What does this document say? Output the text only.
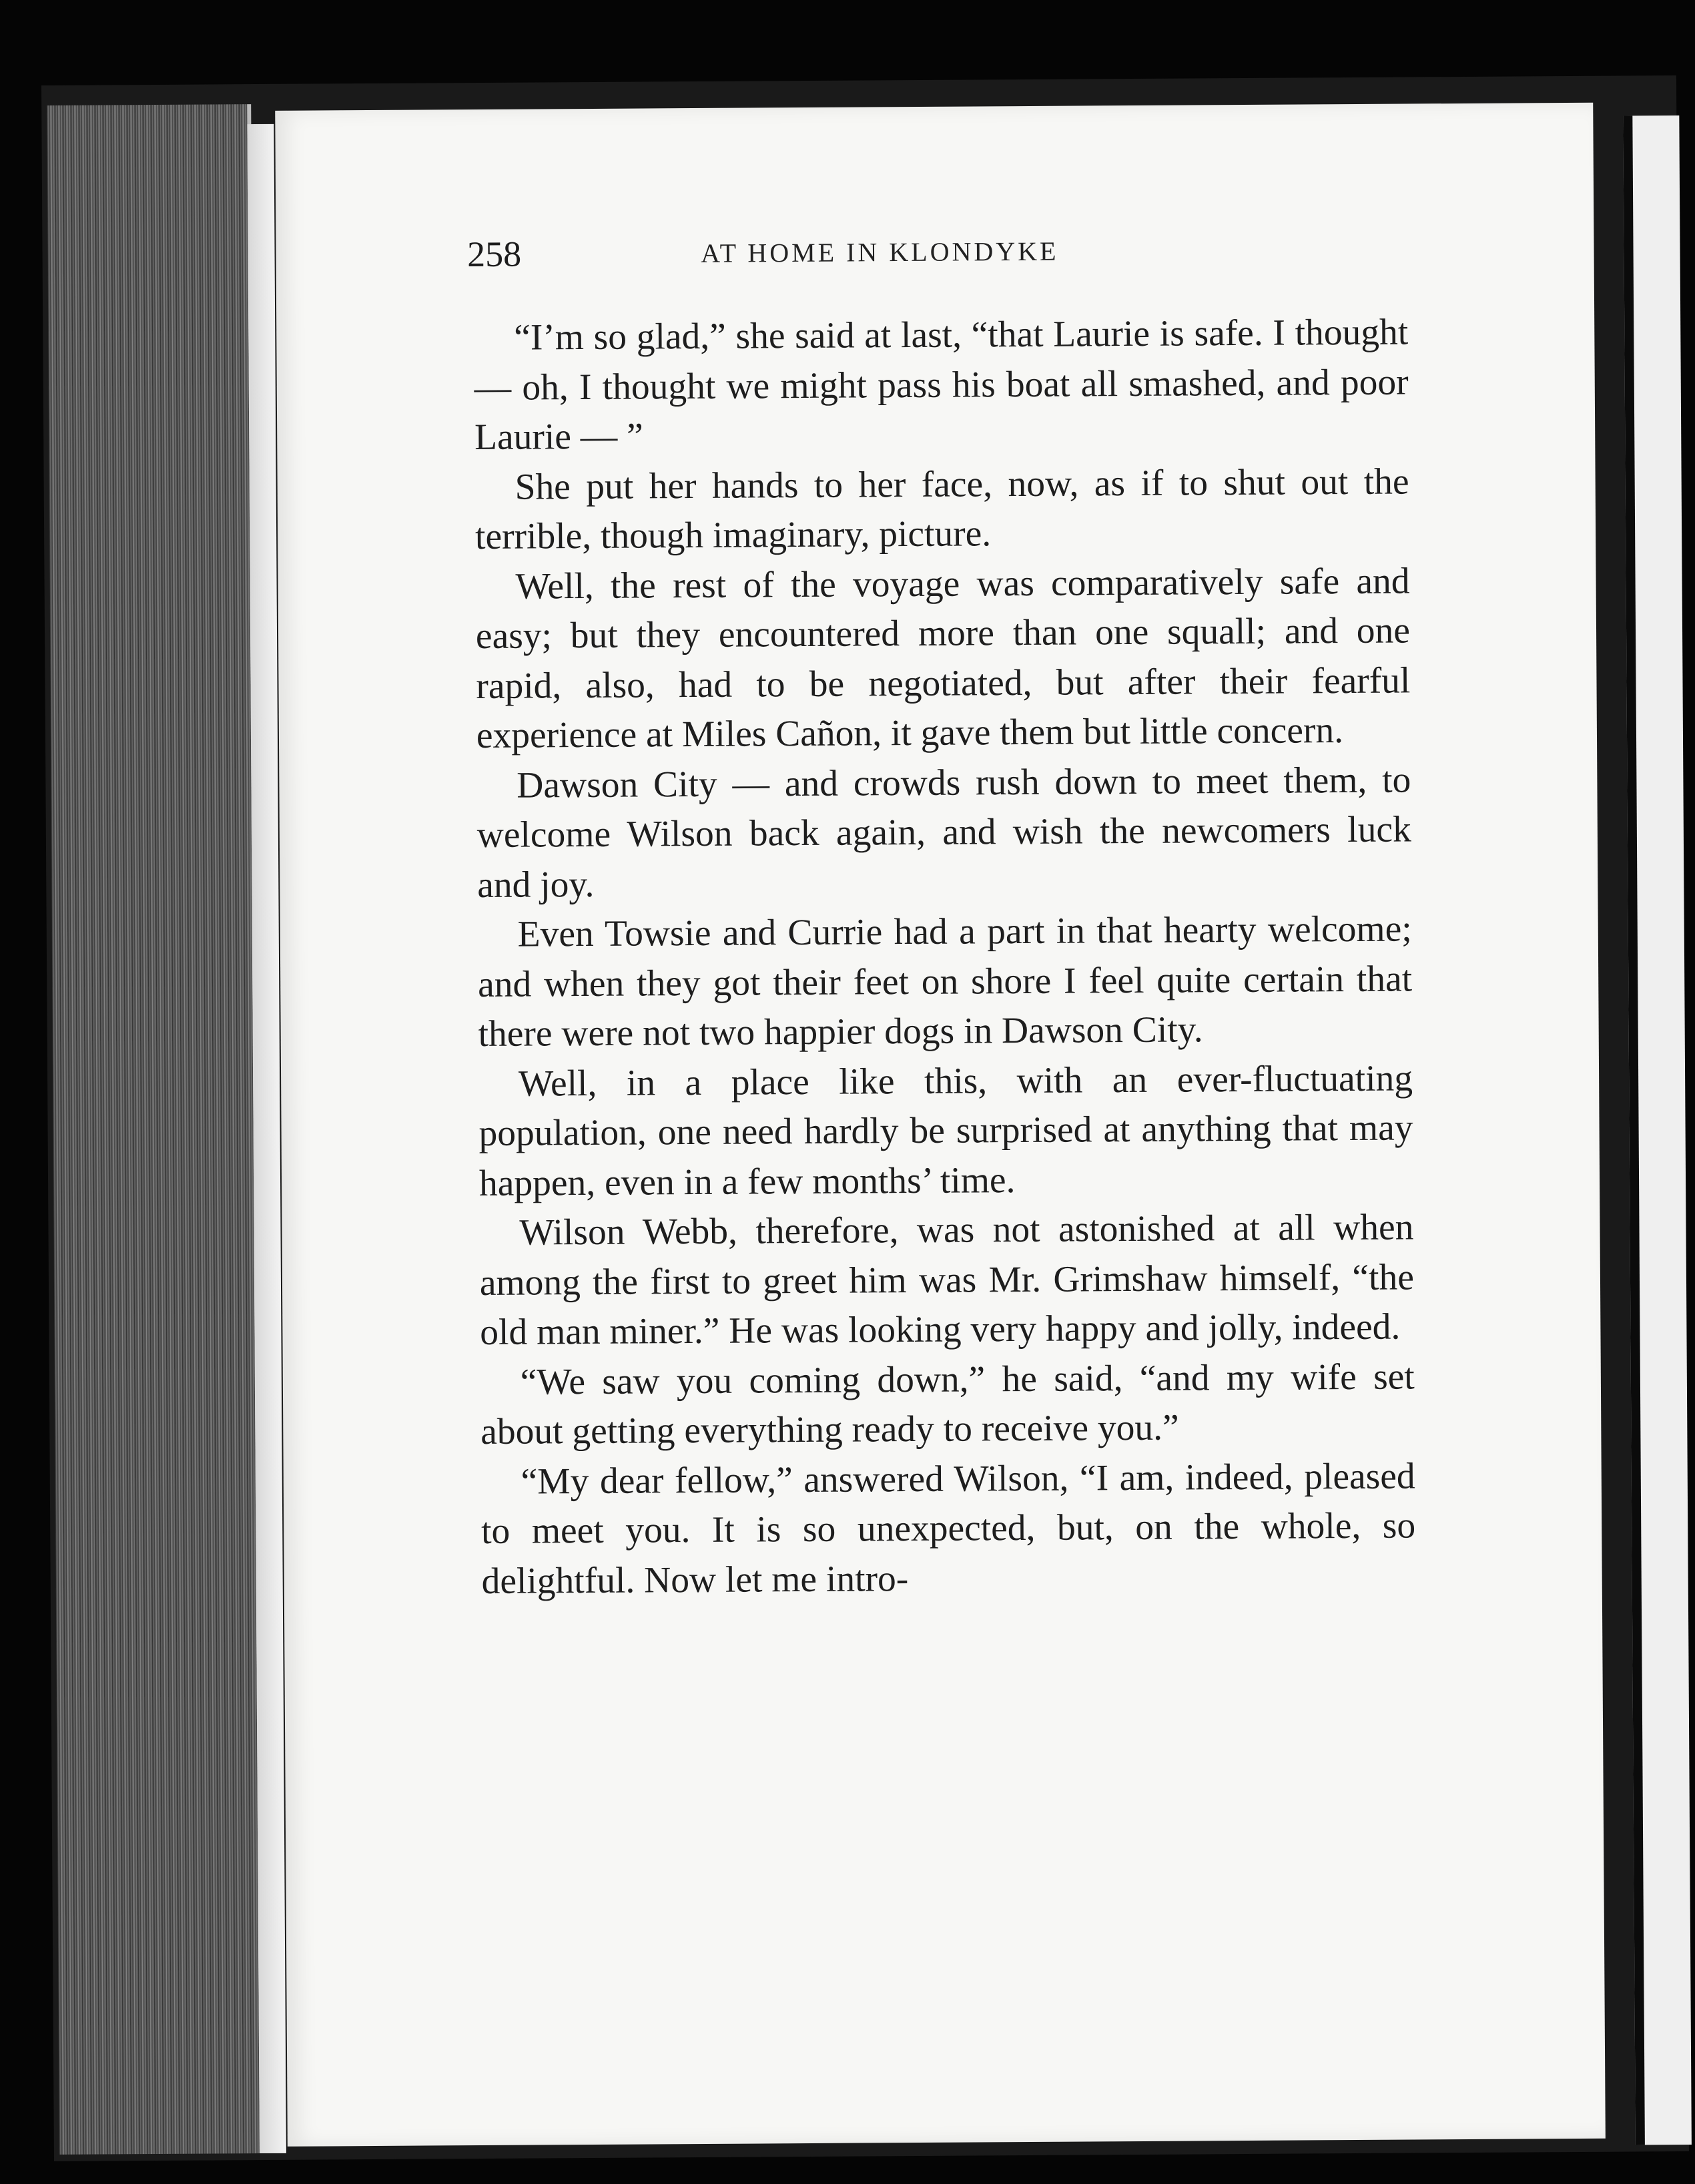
258	AT HOME IN KLONDYKE

“I’m so glad,” she said at last, “that Laurie is safe. I thought — oh, I thought we might pass his boat all smashed, and poor Laurie — ”

She put her hands to her face, now, as if to shut out the terrible, though imaginary, picture.

Well, the rest of the voyage was comparatively safe and easy; but they encountered more than one squall; and one rapid, also, had to be negotiated, but after their fearful experience at Miles Cañon, it gave them but little concern.

Dawson City — and crowds rush down to meet them, to welcome Wilson back again, and wish the newcomers luck and joy.

Even Towsie and Currie had a part in that hearty welcome; and when they got their feet on shore I feel quite certain that there were not two happier dogs in Dawson City.

Well, in a place like this, with an ever-fluctuating population, one need hardly be surprised at anything that may happen, even in a few months’ time.

Wilson Webb, therefore, was not astonished at all when among the first to greet him was Mr. Grimshaw himself, “the old man miner.” He was looking very happy and jolly, indeed.

“We saw you coming down,” he said, “and my wife set about getting everything ready to receive you.”

“My dear fellow,” answered Wilson, “I am, indeed, pleased to meet you. It is so unexpected, but, on the whole, so delightful. Now let me intro-
